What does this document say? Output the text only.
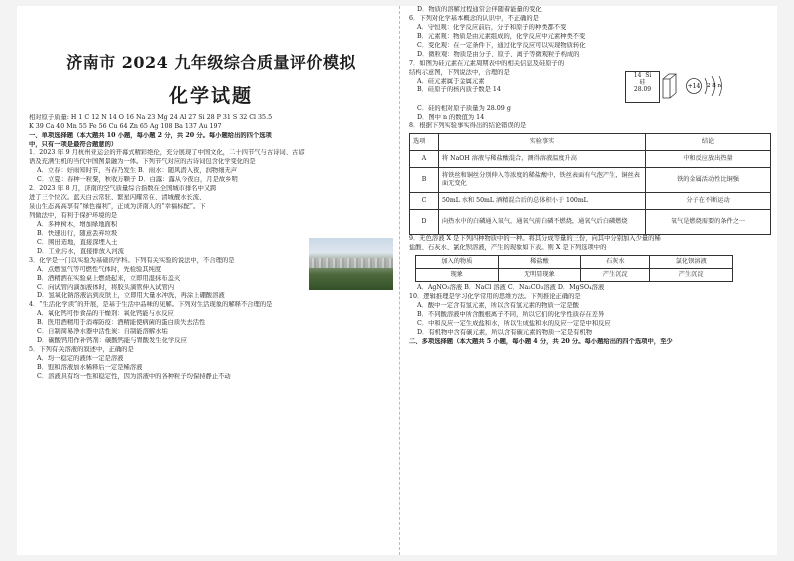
济南市 2024 九年级综合质量评价模拟
化学试题
相对原子质量: H 1 C 12 N 14 O 16 Na 23 Mg 24 Al 27 Si 28 P 31 S 32 Cl 35.5
K 39 Ca 40 Mn 55 Fe 56 Cu 64 Zn 65 Ag 108 Ba 137 Au 197
一、单项选择题（本大题共 10 小题，每小题 2 分，共 20 分。每小题给出的四个选项
中，只有一项是最符合题意的）
1．2023 年 9 月杭州亚运会的开幕式精彩绝伦，充分展现了中国文化，二十四节气与古诗词、古谚
语及充满生机的当代中国图景融为一体。下列节气对应的古诗词包含化学变化的是
A．立春：好雨知时节，当春乃发生 B．雨水：随风潜入夜，润物细无声
C．立夏：春种一粒粟，秋收万颗子 D．白露：露从今夜白，月是故乡明
2．2023 年 8 月，济南的空气质量综合指数在全国城市排名中又跨
进了三个位次。蓝天白云常驻、繁星闪耀常在、清城靓水长流、
泉山生态高高享有“绿色福利”，正成为济南人的“幸福标配”。下
列做法中，有利于保护环境的是
A．多种树木，增加绿地面积
B．快速出行，随意丢弃垃圾
C．围田造地，直接深埋入土
D．工业污水，直接排放入河流
3．化学是一门以实验为基础的学科。下列有关实验的说法中，不合理的是
A．点燃氢气等可燃性气体时，先检验其纯度
B．酒精洒在实验桌上燃烧起来，立即用湿抹布盖灭
C．向试管内滴加液体时，将胶头滴管伸入试管内
D．氢氧化钠溶液沾到皮肤上，立即用大量水冲洗，再涂上硼酸溶液
4．“生活化学读”的开展，是基于生活中品味的见解。下列对生活现象的解释不合理的是
A．氧化钙可作食品的干燥剂：氧化钙能与水反应
B．医用酒精用于消毒防疫：酒精能使病菌的蛋白质失去活性
C．自制简易净水器中活性炭：自制能溶解水垢
D．碳酸钙用作补钙剂：碳酸钙能与胃酸发生化学反应
5．下列有关溶液的叙述中，正确的是
A．均一稳定的液体一定是溶液
B．饱和溶液加水稀释后一定是稀溶液
C．溶液具有均一性和稳定性，因为溶液中的各种粒子均保持静止不动
D．物质的溶解过程通常会伴随着能量的变化
6．下列对化学基本概念的认识中，不正确的是
A．守恒观：化学反应前后，分子和原子的种类都不变
B．元素观：物质是由元素组成的，化学反应中元素种类不变
C．变化观：在一定条件下，通过化学反应可以实现物质转化
D．微粒观：物质是由分子、原子、离子等微观粒子构成的
7．如图为硅元素在元素周期表中的相关信息及硅原子的
结构示意图，下列说法中，合理的是
A．硅元素属于金属元素
B．硅原子的核内质子数是 14
14 Si
硅
28.09	+14 2 8 n
C．硅的相对原子质量为 28.09 g
D．图中 n 的数值为 14
8．根据下列实验事实得出的结论错误的是
选项	实验事实	结论
A	将 NaOH 溶液与稀盐酸混合，测得溶液温度升高	中和反应放出热量
B	将铁丝和铜丝分别伸入等浓度的稀盐酸中，铁丝表面有气泡产生，铜丝表面无变化	铁的金属活动性比铜强
C	50mL 水和 50mL 酒精混合后的总体积小于 100mL	分子在不断运动
D	向热水中的白磷通入氧气，通氧气前白磷不燃烧，通氧气后白磷燃烧	氧气是燃烧需要的条件之一
9．无色溶液 X 是下列四种物质中的一种。将其分成等量的三份，向其中分别加入少量的稀
盐酸、石灰水、氯化钡溶液，产生的现象如下表。则 X 是下列选项中的
加入的物质	稀盐酸	石灰水	氯化钡溶液
现象	无明显现象	产生沉淀	产生沉淀
A．AgNO₃溶液 B．NaCl 溶液 C．Na₂CO₃溶液 D．MgSO₄溶液
10．逻辑推理是学习化学常用的思维方法。下列推论正确的是
A．酸中一定含有氢元素，所以含有氢元素的物质一定是酸
B．不同酸溶液中所含酸根离子不同，所以它们的化学性质存在差异
C．中和反应一定生成盐和水，所以生成盐和水的反应一定是中和反应
D．有机物中含有碳元素，所以含有碳元素的物质一定是有机物
二、多项选择题（本大题共 5 小题，每小题 4 分，共 20 分。每小题给出的四个选项中，至少
